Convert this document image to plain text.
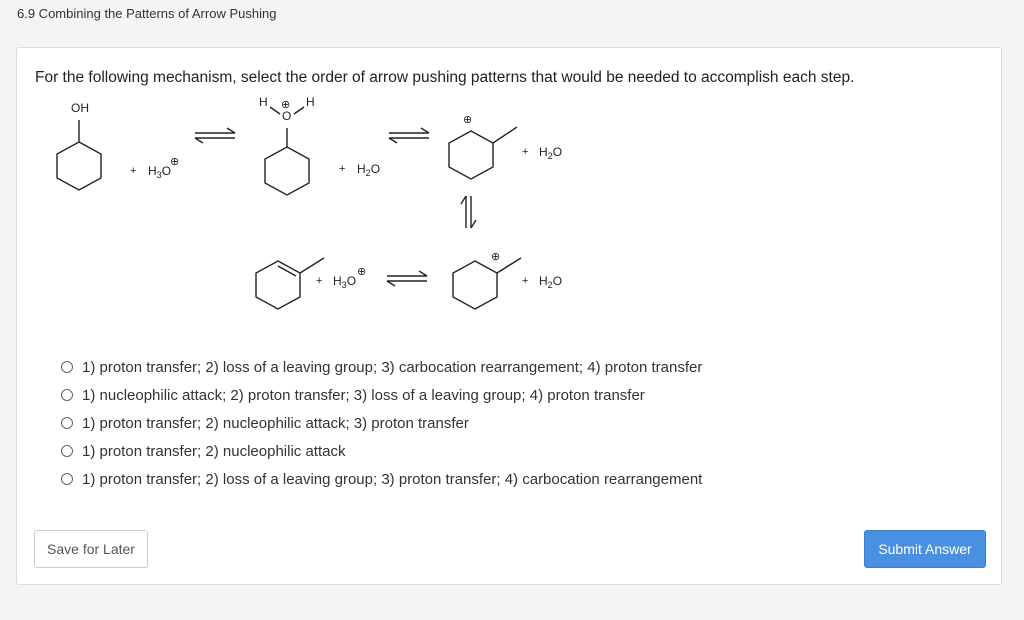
6.9 Combining the Patterns of Arrow Pushing
For the following mechanism, select the order of arrow pushing patterns that would be needed to accomplish each step.
OH	H ⊕ H
O	⊕
⊕
+ $H_3O$
⊕
+ $H_2O$
+ $H_2O$
+ $H_2O$
+ $H_3O$
⊕
1) proton transfer; 2) loss of a leaving group; 3) carbocation rearrangement; 4) proton transfer
1) nucleophilic attack; 2) proton transfer; 3) loss of a leaving group; 4) proton transfer
1) proton transfer; 2) nucleophilic attack; 3) proton transfer
1) proton transfer; 2) nucleophilic attack
1) proton transfer; 2) loss of a leaving group; 3) proton transfer; 4) carbocation rearrangement
Save for Later	Submit Answer
